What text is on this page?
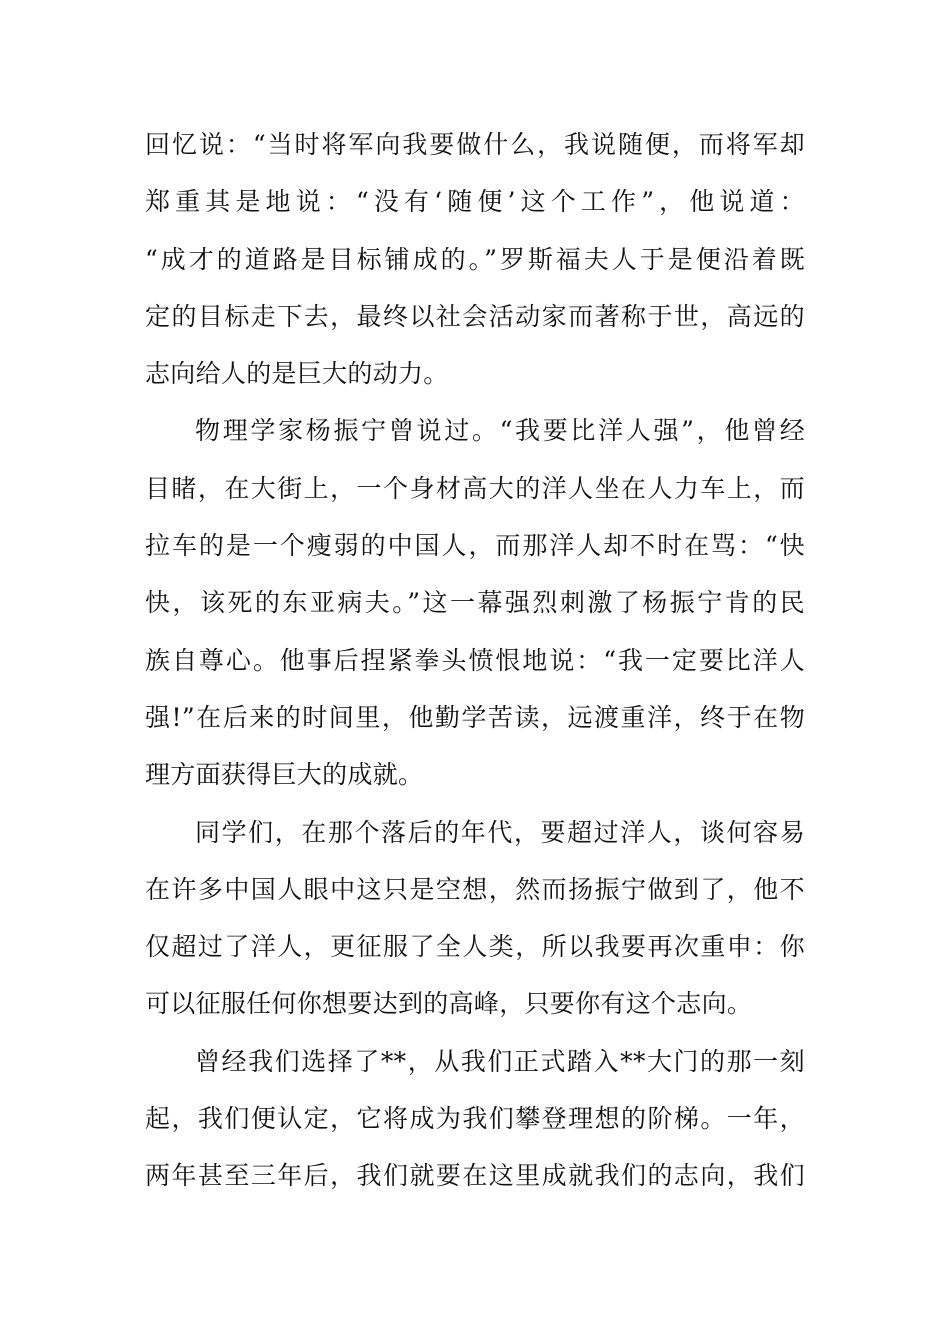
回忆说：“当时将军向我要做什么，我说随便，而将军却
郑重其是地说：“没有‘随便’这个工作”，他说道：
“成才的道路是目标铺成的。”罗斯福夫人于是便沿着既
定的目标走下去，最终以社会活动家而著称于世，高远的
志向给人的是巨大的动力。
物理学家杨振宁曾说过。“我要比洋人强”，他曾经
目睹，在大街上，一个身材高大的洋人坐在人力车上，而
拉车的是一个瘦弱的中国人，而那洋人却不时在骂：“快
快，该死的东亚病夫。”这一幕强烈刺激了杨振宁肯的民
族自尊心。他事后捏紧拳头愤恨地说：“我一定要比洋人
强!”在后来的时间里，他勤学苦读，远渡重洋，终于在物
理方面获得巨大的成就。
同学们，在那个落后的年代，要超过洋人，谈何容易
在许多中国人眼中这只是空想，然而扬振宁做到了，他不
仅超过了洋人，更征服了全人类，所以我要再次重申：你
可以征服任何你想要达到的高峰，只要你有这个志向。
曾经我们选择了**，从我们正式踏入**大门的那一刻
起，我们便认定，它将成为我们攀登理想的阶梯。一年，
两年甚至三年后，我们就要在这里成就我们的志向，我们
